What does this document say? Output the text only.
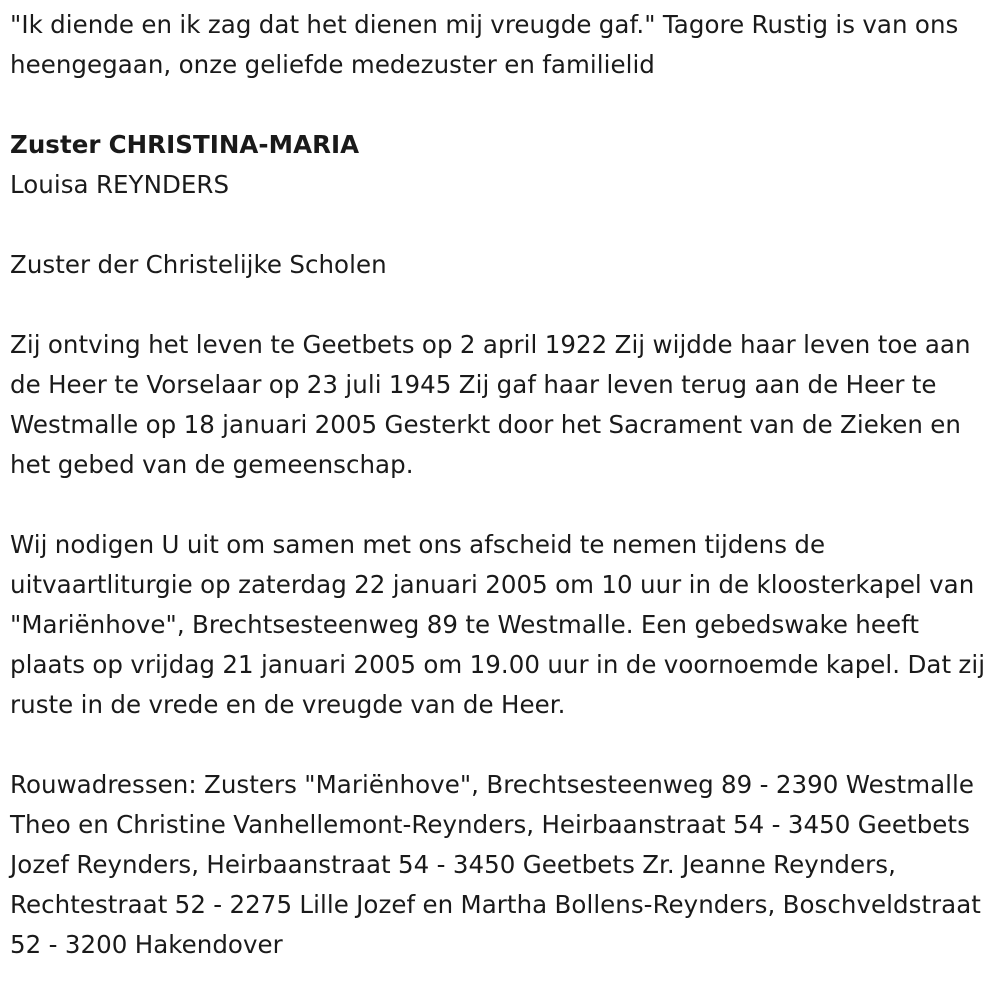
"Ik diende en ik zag dat het dienen mij vreugde gaf." Tagore Rustig is van ons heengegaan, onze geliefde medezuster en familielid

Zuster CHRISTINA-MARIA

Louisa REYNDERS

Zuster der Christelijke Scholen

Zij ontving het leven te Geetbets op 2 april 1922 Zij wijdde haar leven toe aan de Heer te Vorselaar op 23 juli 1945 Zij gaf haar leven terug aan de Heer te Westmalle op 18 januari 2005 Gesterkt door het Sacrament van de Zieken en het gebed van de gemeenschap.

Wij nodigen U uit om samen met ons afscheid te nemen tijdens de uitvaartliturgie op zaterdag 22 januari 2005 om 10 uur in de kloosterkapel van "Mariënhove", Brechtsesteenweg 89 te Westmalle. Een gebedswake heeft plaats op vrijdag 21 januari 2005 om 19.00 uur in de voornoemde kapel. Dat zij ruste in de vrede en de vreugde van de Heer.

Rouwadressen: Zusters "Mariënhove", Brechtsesteenweg 89 - 2390 Westmalle Theo en Christine Vanhellemont-Reynders, Heirbaanstraat 54 - 3450 Geetbets Jozef Reynders, Heirbaanstraat 54 - 3450 Geetbets Zr. Jeanne Reynders, Rechtestraat 52 - 2275 Lille Jozef en Martha Bollens-Reynders, Boschveldstraat 52 - 3200 Hakendover
